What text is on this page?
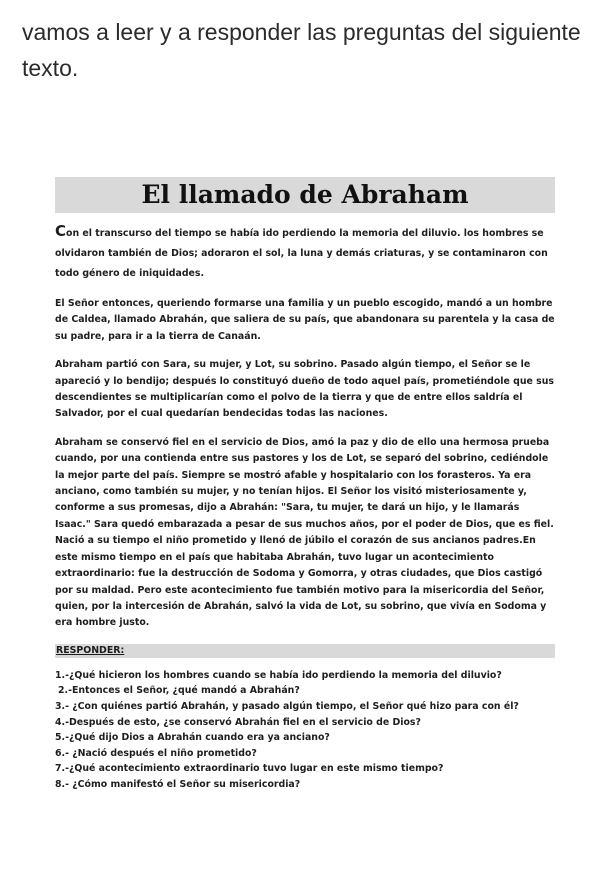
vamos a leer y a responder las preguntas del siguiente texto.
El llamado de Abraham

Con el transcurso del tiempo se había ido perdiendo la memoria del diluvio. los hombres se olvidaron también de Dios; adoraron el sol, la luna y demás criaturas, y se contaminaron con todo género de iniquidades.

El Señor entonces, queriendo formarse una familia y un pueblo escogido, mandó a un hombre de Caldea, llamado Abrahán, que saliera de su país, que abandonara su parentela y la casa de su padre, para ir a la tierra de Canaán.

Abraham partió con Sara, su mujer, y Lot, su sobrino. Pasado algún tiempo, el Señor se le apareció y lo bendijo; después lo constituyó dueño de todo aquel país, prometiéndole que sus descendientes se multiplicarían como el polvo de la tierra y que de entre ellos saldría el Salvador, por el cual quedarían bendecidas todas las naciones.

Abraham se conservó fiel en el servicio de Dios, amó la paz y dio de ello una hermosa prueba cuando, por una contienda entre sus pastores y los de Lot, se separó del sobrino, cediéndole la mejor parte del país. Siempre se mostró afable y hospitalario con los forasteros. Ya era anciano, como también su mujer, y no tenían hijos. El Señor los visitó misteriosamente y, conforme a sus promesas, dijo a Abrahán: "Sara, tu mujer, te dará un hijo, y le llamarás Isaac." Sara quedó embarazada a pesar de sus muchos años, por el poder de Dios, que es fiel. Nació a su tiempo el niño prometido y llenó de júbilo el corazón de sus ancianos padres.En este mismo tiempo en el país que habitaba Abrahán, tuvo lugar un acontecimiento extraordinario: fue la destrucción de Sodoma y Gomorra, y otras ciudades, que Dios castigó por su maldad. Pero este acontecimiento fue también motivo para la misericordia del Señor, quien, por la intercesión de Abrahán, salvó la vida de Lot, su sobrino, que vivía en Sodoma y era hombre justo.

RESPONDER:
1.-¿Qué hicieron los hombres cuando se había ido perdiendo la memoria del diluvio?
2.-Entonces el Señor, ¿qué mandó a Abrahán?
3.- ¿Con quiénes partió Abrahán, y pasado algún tiempo, el Señor qué hizo para con él?
4.-Después de esto, ¿se conservó Abrahán fiel en el servicio de Dios?
5.-¿Qué dijo Dios a Abrahán cuando era ya anciano?
6.- ¿Nació después el niño prometido?
7.-¿Qué acontecimiento extraordinario tuvo lugar en este mismo tiempo?
8.- ¿Cómo manifestó el Señor su misericordia?
